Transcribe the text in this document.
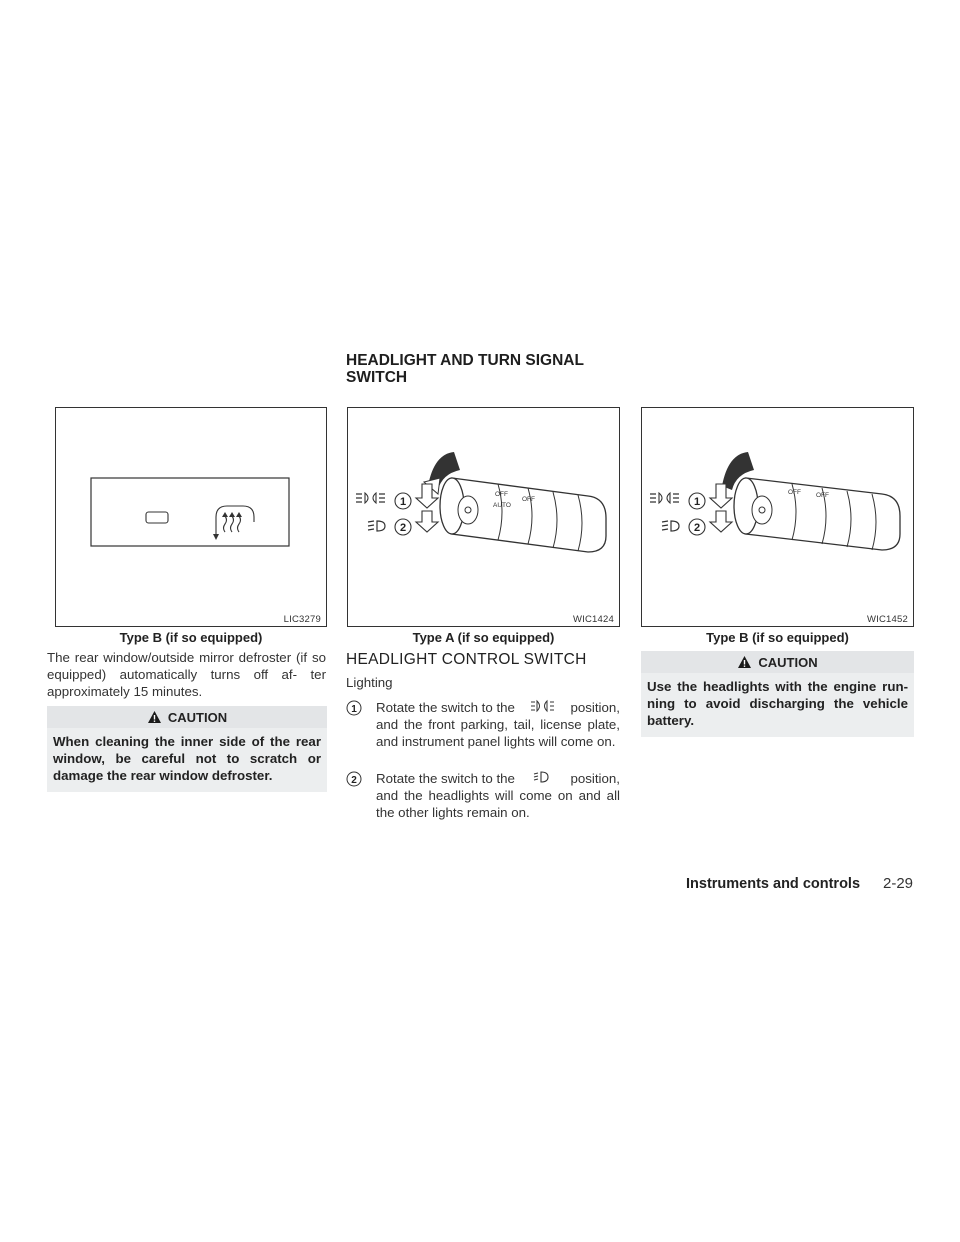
HEADLIGHT AND TURN SIGNAL SWITCH
LIC3279
Type B (if so equipped)
OFF
AUTO
OFF
1
2
WIC1424
Type A (if so equipped)
OFF OFF
1
2
WIC1452
Type B (if so equipped)
The rear window/outside mirror defroster (if so equipped) automatically turns off af- ter approximately 15 minutes.
CAUTION
When cleaning the inner side of the rear window, be careful not to scratch or damage the rear window defroster.
HEADLIGHT CONTROL SWITCH
Lighting
1 Rotate the switch to the	position,
and the front parking, tail, license plate, and instrument panel lights will come on.
2 Rotate the switch to the	position,
and the headlights will come on and all the other lights remain on.
CAUTION
Use the headlights with the engine run- ning to avoid discharging the vehicle battery.
Instruments and controls 2-29
